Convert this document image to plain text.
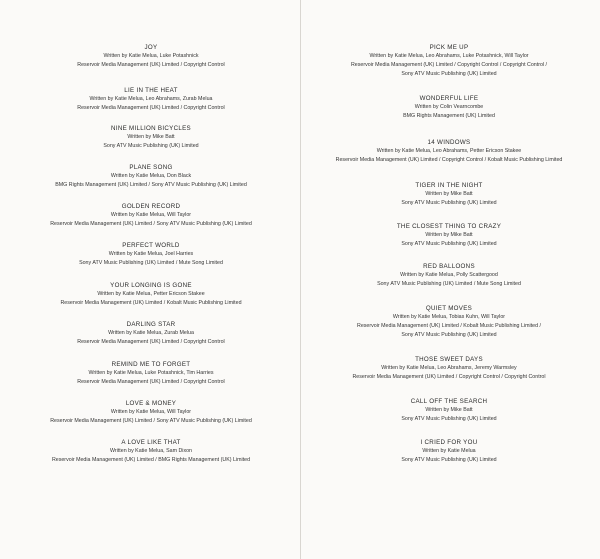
JOY
Written by Katie Melua, Luke Potashnick
Reservoir Media Management (UK) Limited / Copyright Control
LIE IN THE HEAT
Written by Katie Melua, Leo Abrahams, Zurab Melua
Reservoir Media Management (UK) Limited / Copyright Control
NINE MILLION BICYCLES
Written by Mike Batt
Sony ATV Music Publishing (UK) Limited
PLANE SONG
Written by Katie Melua, Don Black
BMG Rights Management (UK) Limited / Sony ATV Music Publishing (UK) Limited
GOLDEN RECORD
Written by Katie Melua, Will Taylor
Reservoir Media Management (UK) Limited / Sony ATV Music Publishing (UK) Limited
PERFECT WORLD
Written by Katie Melua, Joel Harries
Sony ATV Music Publishing (UK) Limited / Mute Song Limited
YOUR LONGING IS GONE
Written by Katie Melua, Petter Ericson Stakee
Reservoir Media Management (UK) Limited / Kobalt Music Publishing Limited
DARLING STAR
Written by Katie Melua, Zurab Melua
Reservoir Media Management (UK) Limited / Copyright Control
REMIND ME TO FORGET
Written by Katie Melua, Luke Potashnick, Tim Harries
Reservoir Media Management (UK) Limited / Copyright Control
LOVE & MONEY
Written by Katie Melua, Will Taylor
Reservoir Media Management (UK) Limited / Sony ATV Music Publishing (UK) Limited
A LOVE LIKE THAT
Written by Katie Melua, Sam Dixon
Reservoir Media Management (UK) Limited / BMG Rights Management (UK) Limited
PICK ME UP
Written by Katie Melua, Leo Abrahams, Luke Potashnick, Will Taylor
Reservoir Media Management (UK) Limited / Copyright Control / Copyright Control /
Sony ATV Music Publishing (UK) Limited
WONDERFUL LIFE
Written by Colin Vearncombe
BMG Rights Management (UK) Limited
14 WINDOWS
Written by Katie Melua, Leo Abrahams, Petter Ericson Stakee
Reservoir Media Management (UK) Limited / Copyright Control / Kobalt Music Publishing Limited
TIGER IN THE NIGHT
Written by Mike Batt
Sony ATV Music Publishing (UK) Limited
THE CLOSEST THING TO CRAZY
Written by Mike Batt
Sony ATV Music Publishing (UK) Limited
RED BALLOONS
Written by Katie Melua, Polly Scattergood
Sony ATV Music Publishing (UK) Limited / Mute Song Limited
QUIET MOVES
Written by Katie Melua, Tobias Kuhn, Will Taylor
Reservoir Media Management (UK) Limited / Kobalt Music Publishing Limited /
Sony ATV Music Publishing (UK) Limited
THOSE SWEET DAYS
Written by Katie Melua, Leo Abrahams, Jeremy Warmsley
Reservoir Media Management (UK) Limited / Copyright Control / Copyright Control
CALL OFF THE SEARCH
Written by Mike Batt
Sony ATV Music Publishing (UK) Limited
I CRIED FOR YOU
Written by Katie Melua
Sony ATV Music Publishing (UK) Limited
